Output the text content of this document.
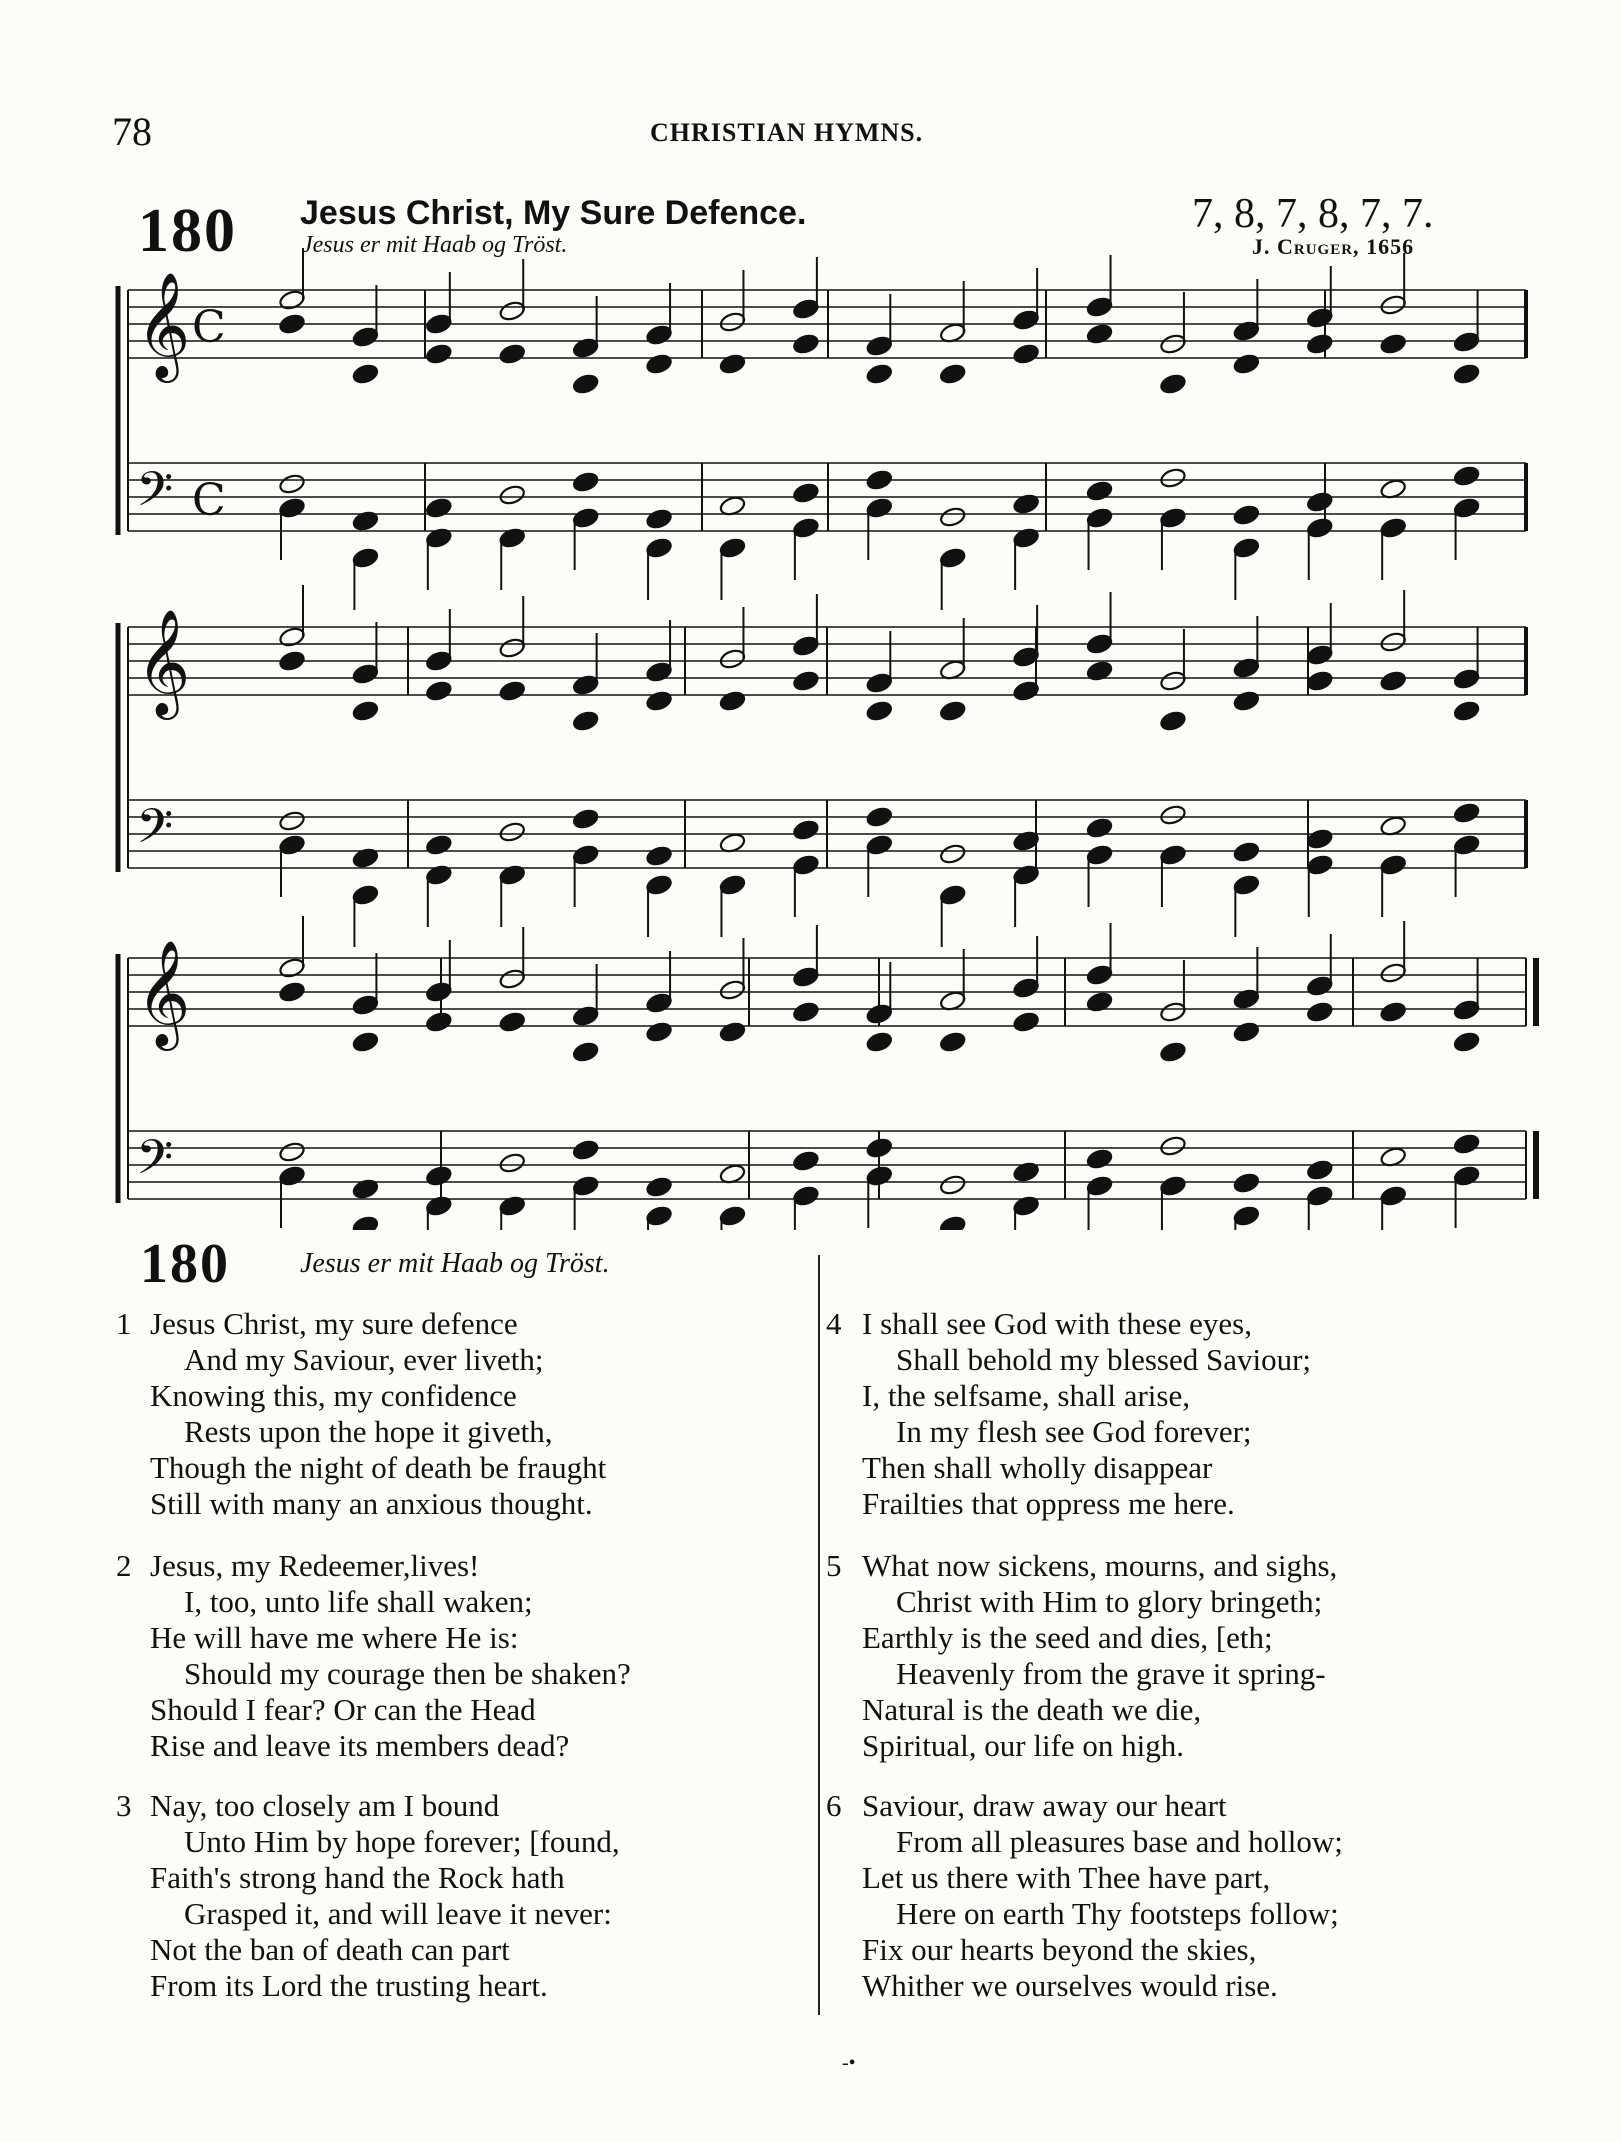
78	CHRISTIAN HYMNS.
180 Jesus Christ, My Sure Defence.
Jesus er mit Haab og Tröst.
7, 8, 7, 8, 7, 7.
J. Cruger, 1656
𝄞 C
𝄢 C
𝄞
𝄢
𝄞
𝄢
180	Jesus er mit Haab og Tröst.
1 Jesus Christ, my sure defence
And my Saviour, ever liveth;
Knowing this, my confidence
Rests upon the hope it giveth,
Though the night of death be fraught
Still with many an anxious thought.
2 Jesus, my Redeemer,lives!
I, too, unto life shall waken;
He will have me where He is:
Should my courage then be shaken?
Should I fear? Or can the Head
Rise and leave its members dead?
3 Nay, too closely am I bound
Unto Him by hope forever; [found,
Faith's strong hand the Rock hath
Grasped it, and will leave it never:
Not the ban of death can part
From its Lord the trusting heart.
4 I shall see God with these eyes,
Shall behold my blessed Saviour;
I, the selfsame, shall arise,
In my flesh see God forever;
Then shall wholly disappear
Frailties that oppress me here.
5 What now sickens, mourns, and sighs,
Christ with Him to glory bringeth;
Earthly is the seed and dies, [eth;
Heavenly from the grave it spring-
Natural is the death we die,
Spiritual, our life on high.
6 Saviour, draw away our heart
From all pleasures base and hollow;
Let us there with Thee have part,
Here on earth Thy footsteps follow;
Fix our hearts beyond the skies,
Whither we ourselves would rise.
-•
